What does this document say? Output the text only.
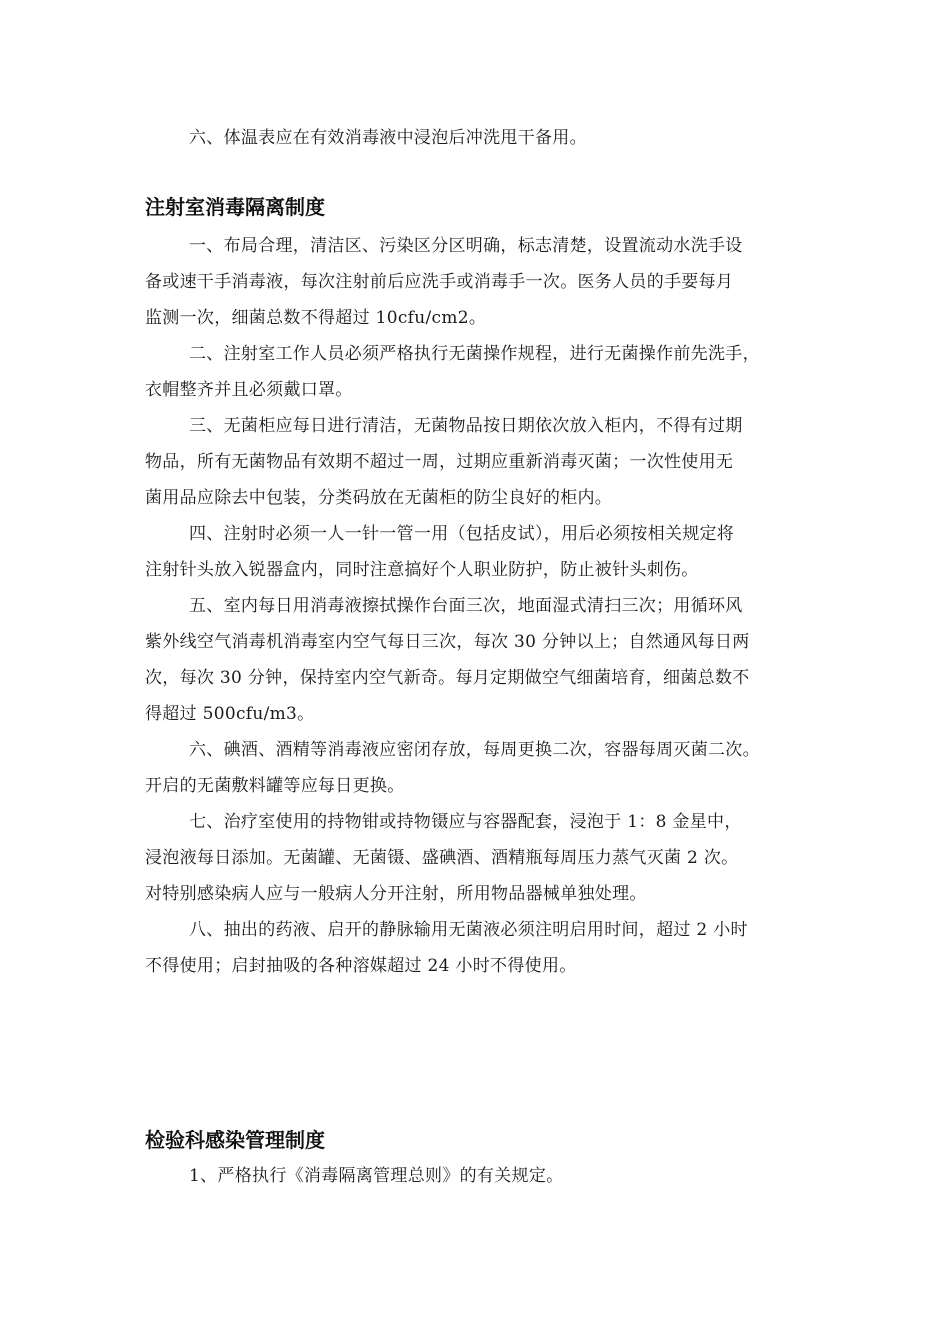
六、体温表应在有效消毒液中浸泡后冲洗甩干备用。
注射室消毒隔离制度
一、布局合理，清洁区、污染区分区明确，标志清楚，设置流动水洗手设
备或速干手消毒液，每次注射前后应洗手或消毒手一次。医务人员的手要每月
监测一次，细菌总数不得超过 10cfu/cm2。
二、注射室工作人员必须严格执行无菌操作规程，进行无菌操作前先洗手，
衣帽整齐并且必须戴口罩。
三、无菌柜应每日进行清洁，无菌物品按日期依次放入柜内，不得有过期
物品，所有无菌物品有效期不超过一周，过期应重新消毒灭菌；一次性使用无
菌用品应除去中包装，分类码放在无菌柜的防尘良好的柜内。
四、注射时必须一人一针一管一用（包括皮试），用后必须按相关规定将
注射针头放入锐器盒内，同时注意搞好个人职业防护，防止被针头刺伤。
五、室内每日用消毒液擦拭操作台面三次，地面湿式清扫三次；用循环风
紫外线空气消毒机消毒室内空气每日三次，每次 30 分钟以上；自然通风每日两
次，每次 30 分钟，保持室内空气新奇。每月定期做空气细菌培育，细菌总数不
得超过 500cfu/m3。
六、碘酒、酒精等消毒液应密闭存放，每周更换二次，容器每周灭菌二次。
开启的无菌敷料罐等应每日更换。
七、治疗室使用的持物钳或持物镊应与容器配套，浸泡于 1：8 金星中，
浸泡液每日添加。无菌罐、无菌镊、盛碘酒、酒精瓶每周压力蒸气灭菌 2 次。
对特别感染病人应与一般病人分开注射，所用物品器械单独处理。
八、抽出的药液、启开的静脉输用无菌液必须注明启用时间，超过 2 小时
不得使用；启封抽吸的各种溶媒超过 24 小时不得使用。
检验科感染管理制度
1、严格执行《消毒隔离管理总则》的有关规定。
